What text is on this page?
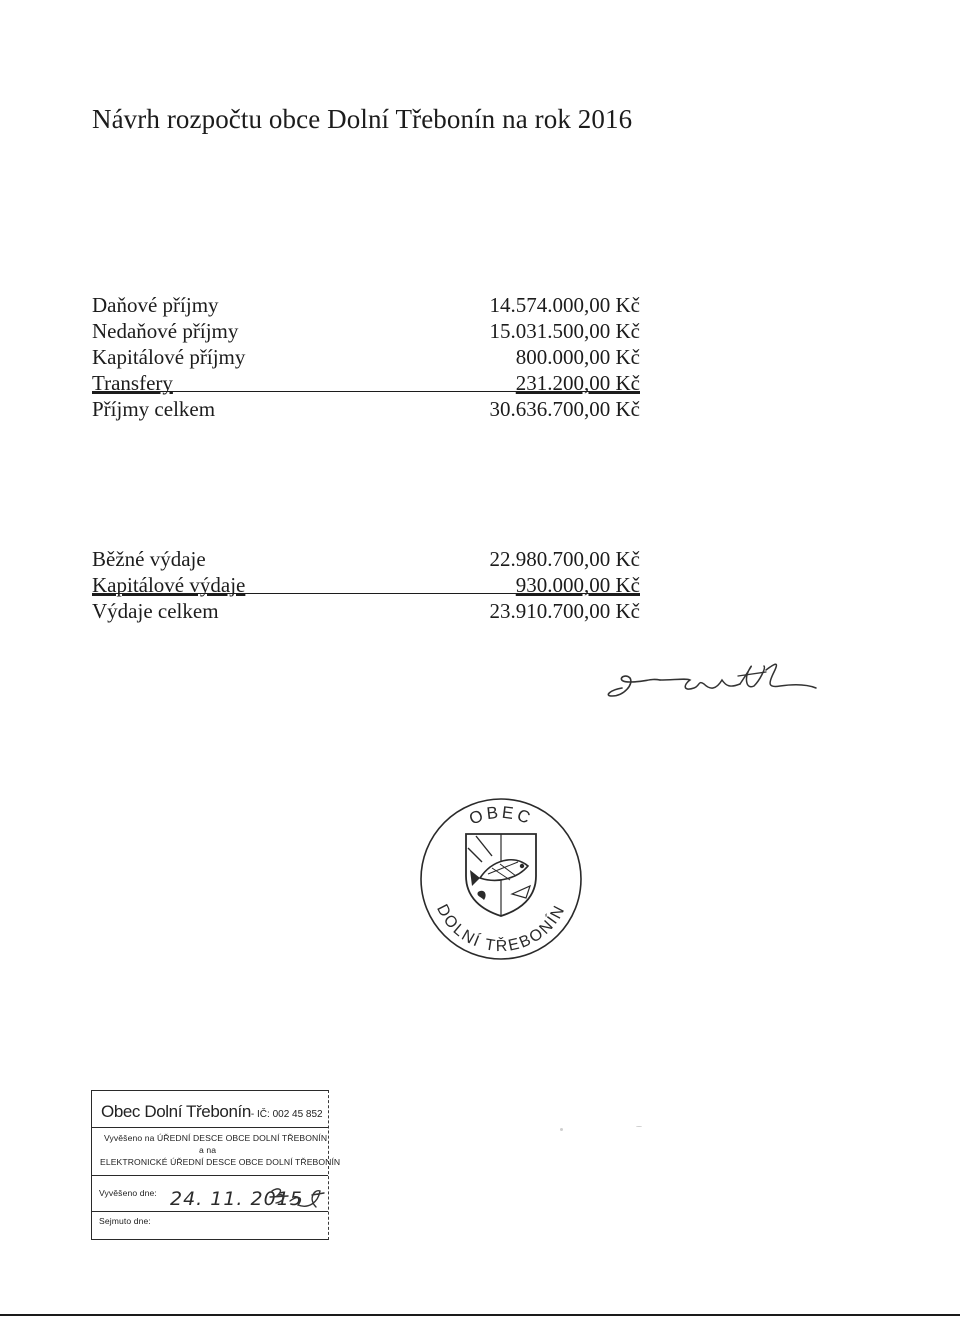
Návrh rozpočtu obce Dolní Třebonín na rok 2016
Daňové příjmy	14.574.000,00 Kč
Nedaňové příjmy	15.031.500,00 Kč
Kapitálové příjmy	800.000,00 Kč
Transfery	231.200,00 Kč
Příjmy celkem	30.636.700,00 Kč
Běžné výdaje	22.980.700,00 Kč
Kapitálové výdaje	930.000,00 Kč
Výdaje celkem	23.910.700,00 Kč
OBEC
DOLNÍ TŘEBONÍN
Obec Dolní Třebonín- IČ: 002 45 852
Vyvěšeno na ÚŘEDNÍ DESCE OBCE DOLNÍ TŘEBONÍN
a na
ELEKTRONICKÉ ÚŘEDNÍ DESCE OBCE DOLNÍ TŘEBONÍN
Vyvěšeno dne: 24. 11. 2015
Sejmuto dne:
